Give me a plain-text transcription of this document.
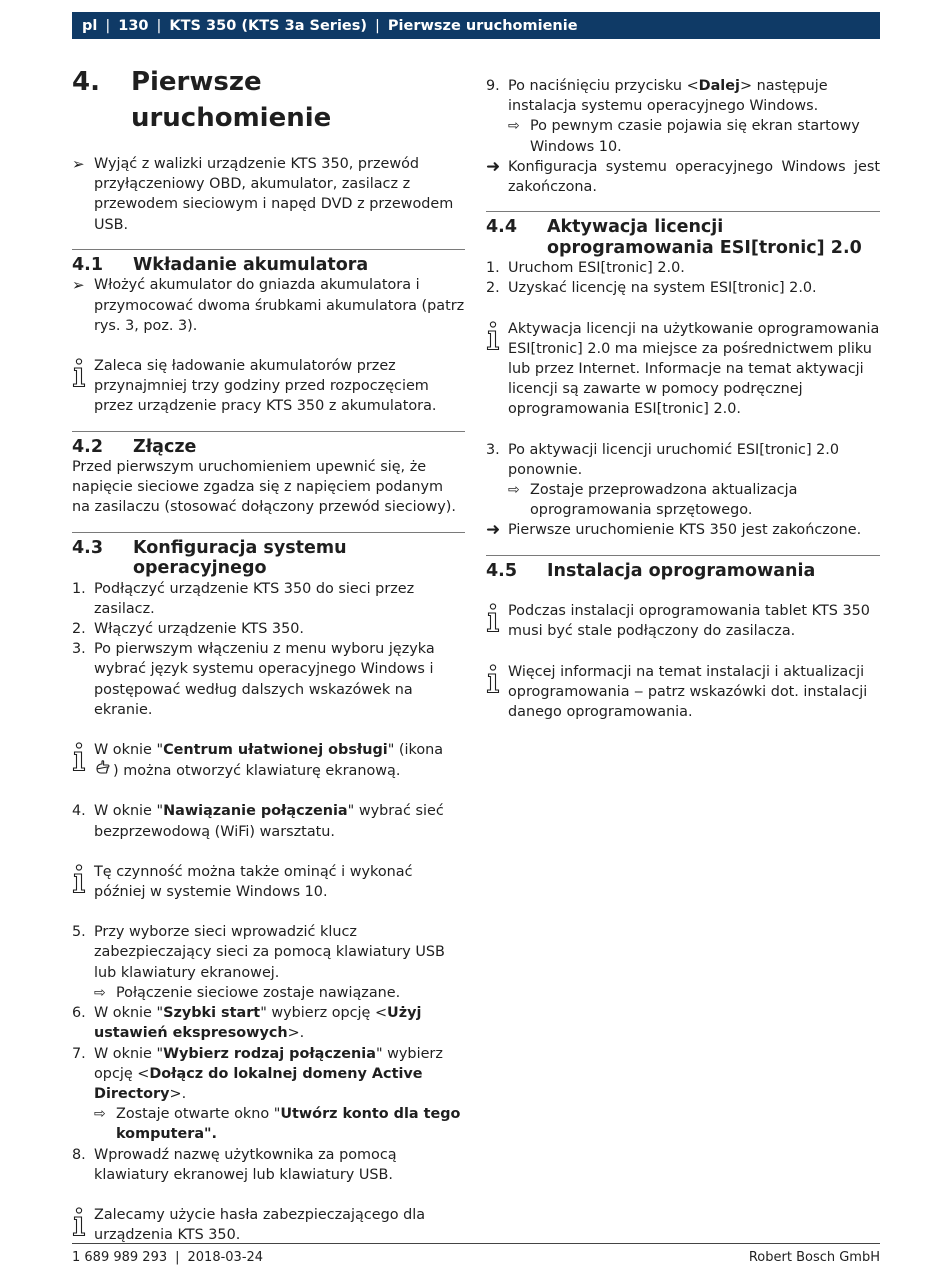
pl | 130 | KTS 350 (KTS 3a Series) | Pierwsze uruchomienie
4.	Pierwsze uruchomienie
➢ Wyjąć z walizki urządzenie KTS 350, przewód przyłączeniowy OBD, akumulator, zasilacz z przewodem sieciowym i napęd DVD z przewodem USB.
4.1	Wkładanie akumulatora
➢ Włożyć akumulator do gniazda akumulatora i przymocować dwoma śrubkami akumulatora (patrz rys. 3, poz. 3).
Zaleca się ładowanie akumulatorów przez przynajmniej trzy godziny przed rozpoczęciem przez urządzenie pracy KTS 350 z akumulatora.
4.2	Złącze

Przed pierwszym uruchomieniem upewnić się, że napięcie sieciowe zgadza się z napięciem podanym na zasilaczu (stosować dołączony przewód sieciowy).

4.3	Konfiguracja systemu operacyjnego
1. Podłączyć urządzenie KTS 350 do sieci przez zasilacz.
2. Włączyć urządzenie KTS 350.
3. Po pierwszym włączeniu z menu wyboru języka wybrać język systemu operacyjnego Windows i postępować według dalszych wskazówek na ekranie.
W oknie "Centrum ułatwionej obsługi" (ikona ) można otworzyć klawiaturę ekranową.
4. W oknie "Nawiązanie połączenia" wybrać sieć bezprzewodową (WiFi) warsztatu.
Tę czynność można także ominąć i wykonać później w systemie Windows 10.
5. Przy wyborze sieci wprowadzić klucz zabezpieczający sieci za pomocą klawiatury USB lub klawiatury ekranowej.
⇨ Połączenie sieciowe zostaje nawiązane.
6. W oknie "Szybki start" wybierz opcję <Użyj ustawień ekspresowych>.
7. W oknie "Wybierz rodzaj połączenia" wybierz opcję <Dołącz do lokalnej domeny Active Directory>.
⇨ Zostaje otwarte okno "Utwórz konto dla tego komputera".
8. Wprowadź nazwę użytkownika za pomocą klawiatury ekranowej lub klawiatury USB.
Zalecamy użycie hasła zabezpieczającego dla urządzenia KTS 350.
9. Po naciśnięciu przycisku <Dalej> następuje instalacja systemu operacyjnego Windows.
⇨ Po pewnym czasie pojawia się ekran startowy Windows 10.
➜ Konfiguracja systemu operacyjnego Windows jest zakończona.
4.4	Aktywacja licencji oprogramowania ESI[tronic] 2.0
1. Uruchom ESI[tronic] 2.0.
2. Uzyskać licencję na system ESI[tronic] 2.0.
Aktywacja licencji na użytkowanie oprogramowania ESI[tronic] 2.0 ma miejsce za pośrednictwem pliku lub przez Internet. Informacje na temat aktywacji licencji są zawarte w pomocy podręcznej oprogramowania ESI[tronic] 2.0.
3. Po aktywacji licencji uruchomić ESI[tronic] 2.0 ponownie.
⇨ Zostaje przeprowadzona aktualizacja oprogramowania sprzętowego.
➜ Pierwsze uruchomienie KTS 350 jest zakończone.
4.5	Instalacja oprogramowania
Podczas instalacji oprogramowania tablet KTS 350 musi być stale podłączony do zasilacza.
Więcej informacji na temat instalacji i aktualizacji oprogramowania ‒ patrz wskazówki dot. instalacji danego oprogramowania.
1 689 989 293 | 2018-03-24	Robert Bosch GmbH
